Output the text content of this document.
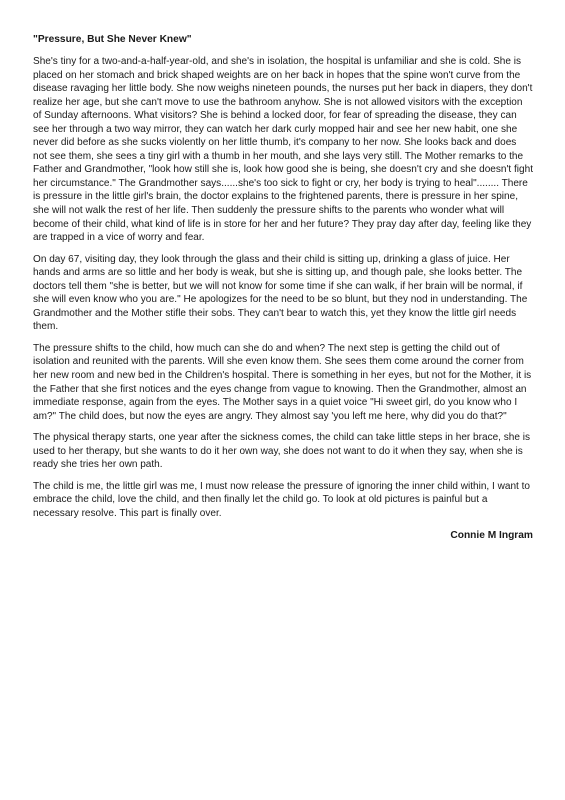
"Pressure, But She Never Knew"

She's tiny for a two-and-a-half-year-old, and she's in isolation, the hospital is unfamiliar and she is cold. She is placed on her stomach and brick shaped weights are on her back in hopes that the spine won't curve from the disease ravaging her little body. She now weighs nineteen pounds, the nurses put her back in diapers, they don't realize her age, but she can't move to use the bathroom anyhow. She is not allowed visitors with the exception of Sunday afternoons. What visitors? She is behind a locked door, for fear of spreading the disease, they can see her through a two way mirror, they can watch her dark curly mopped hair and see her new habit, one she never did before as she sucks violently on her little thumb, it's company to her now. She looks back and does not see them, she sees a tiny girl with a thumb in her mouth, and she lays very still. The Mother remarks to the Father and Grandmother, "look how still she is, look how good she is being, she doesn't cry and she doesn't fight her circumstance." The Grandmother says......she's too sick to fight or cry, her body is trying to heal"........ There is pressure in the little girl's brain, the doctor explains to the frightened parents, there is pressure in her spine, she will not walk the rest of her life. Then suddenly the pressure shifts to the parents who wonder what will become of their child, what kind of life is in store for her and her future? They pray day after day, feeling like they are trapped in a vice of worry and fear.

On day 67, visiting day, they look through the glass and their child is sitting up, drinking a glass of juice. Her hands and arms are so little and her body is weak, but she is sitting up, and though pale, she looks better. The doctors tell them "she is better, but we will not know for some time if she can walk, if her brain will be normal, if she will even know who you are." He apologizes for the need to be so blunt, but they nod in understanding. The Grandmother and the Mother stifle their sobs. They can't bear to watch this, yet they know the little girl needs them.

The pressure shifts to the child, how much can she do and when? The next step is getting the child out of isolation and reunited with the parents. Will she even know them. She sees them come around the corner from her new room and new bed in the Children's hospital. There is something in her eyes, but not for the Mother, it is the Father that she first notices and the eyes change from vague to knowing. Then the Grandmother, almost an immediate response, again from the eyes. The Mother says in a quiet voice "Hi sweet girl, do you know who I am?" The child does, but now the eyes are angry. They almost say 'you left me here, why did you do that?"

The physical therapy starts, one year after the sickness comes, the child can take little steps in her brace, she is used to her therapy, but she wants to do it her own way, she does not want to do it when they say, when she is ready she tries her own path.

The child is me, the little girl was me, I must now release the pressure of ignoring the inner child within, I want to embrace the child, love the child, and then finally let the child go. To look at old pictures is painful but a necessary resolve. This part is finally over.

Connie M Ingram
